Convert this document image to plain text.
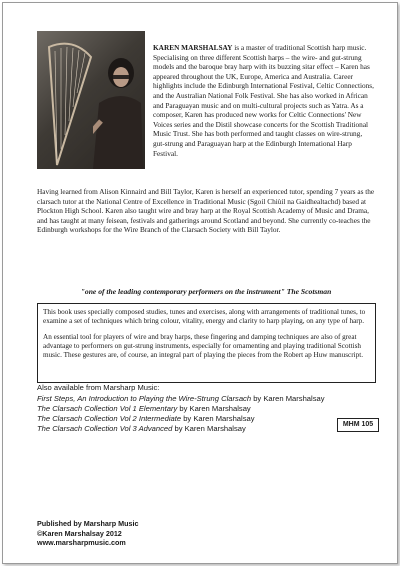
KAREN MARSHALSAY is a master of traditional Scottish harp music. Specialising on three different Scottish harps – the wire- and gut-strung models and the baroque bray harp with its buzzing sitar effect – Karen has appeared throughout the UK, Europe, America and Australia. Career highlights include the Edinburgh International Festival, Celtic Connections, and the Australian National Folk Festival. She has also worked in African and Paraguayan music and on multi-cultural projects such as Yatra. As a composer, Karen has produced new works for Celtic Connections' New Voices series and the Distil showcase concerts for the Scottish Traditional Music Trust. She has both performed and taught classes on wire-strung, gut-strung and Paraguayan harp at the Edinburgh International Harp Festival.
Having learned from Alison Kinnaird and Bill Taylor, Karen is herself an experienced tutor, spending 7 years as the clarsach tutor at the National Centre of Excellence in Traditional Music (Sgoil Chiùil na Gaidhealtachd) based at Plockton High School. Karen also taught wire and bray harp at the Royal Scottish Academy of Music and Drama, and has taught at many feisean, festivals and gatherings around Scotland and beyond. She currently co-teaches the Edinburgh workshops for the Wire Branch of the Clarsach Society with Bill Taylor.
"one of the leading contemporary performers on the instrument" The Scotsman

This book uses specially composed studies, tunes and exercises, along with arrangements of traditional tunes, to examine a set of techniques which bring colour, vitality, energy and clarity to harp playing, on any type of harp.

An essential tool for players of wire and bray harps, these fingering and damping techniques are also of great advantage to performers on gut-strung instruments, especially for ornamenting and playing traditional Scottish music. These gestures are, of course, an integral part of playing the pieces from the Robert ap Huw manuscript.

Also available from Marsharp Music:
First Steps, An Introduction to Playing the Wire-Strung Clarsach by Karen Marshalsay
The Clarsach Collection Vol 1 Elementary by Karen Marshalsay
The Clarsach Collection Vol 2 Intermediate by Karen Marshalsay
The Clarsach Collection Vol 3 Advanced by Karen Marshalsay	MHM 105
Published by Marsharp Music
©Karen Marshalsay 2012
www.marsharpmusic.com
